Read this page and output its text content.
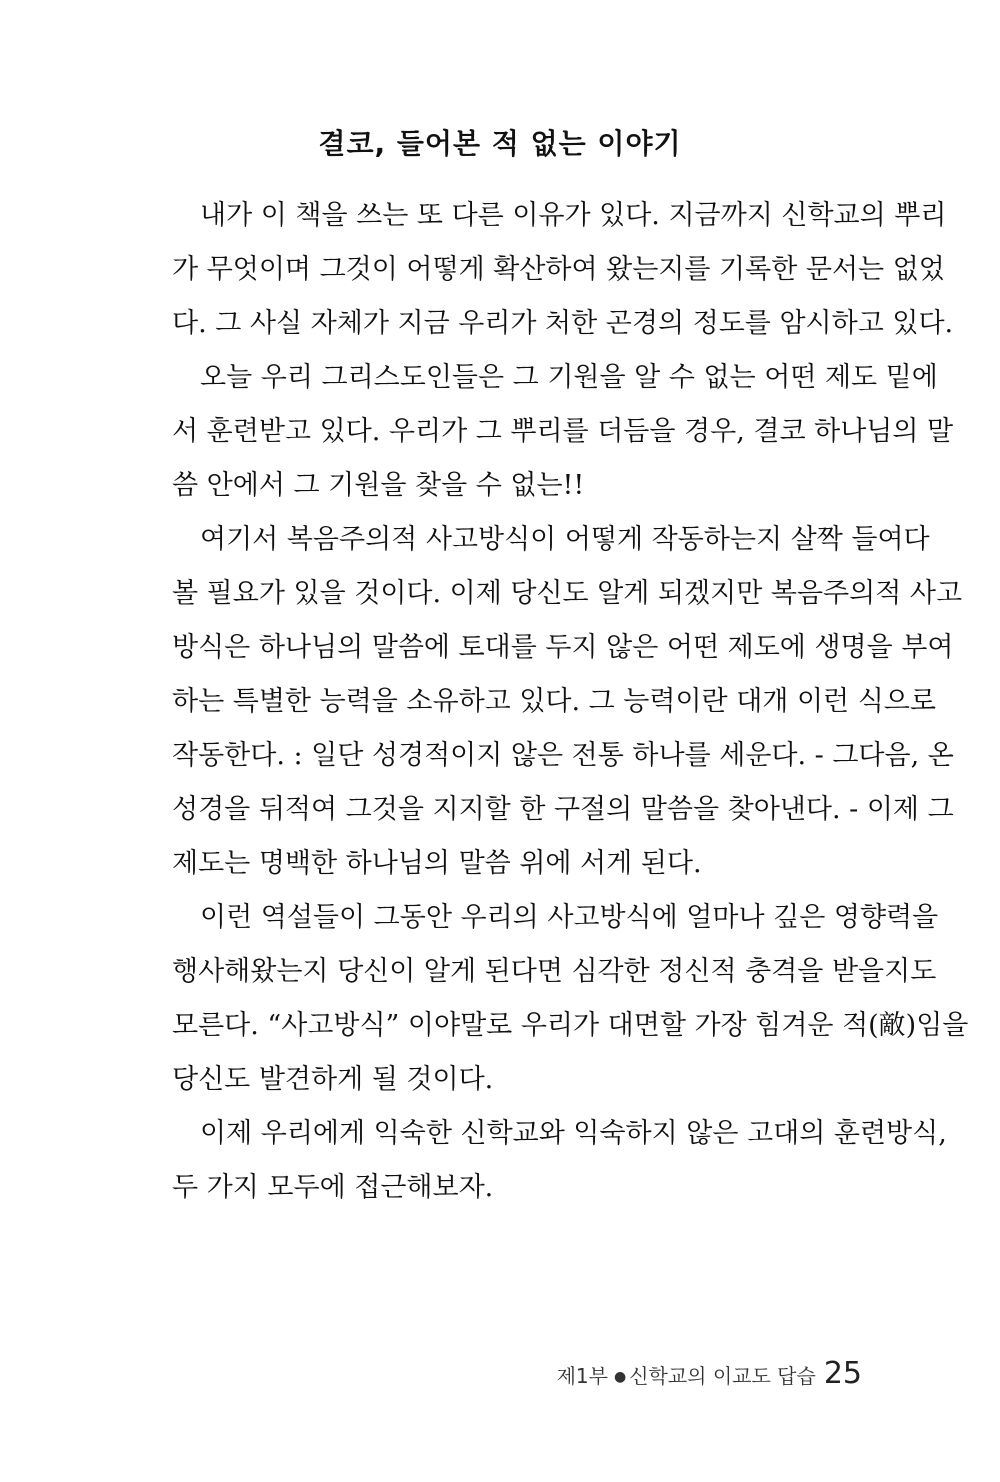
결코, 들어본 적 없는 이야기
내가 이 책을 쓰는 또 다른 이유가 있다. 지금까지 신학교의 뿌리
가 무엇이며 그것이 어떻게 확산하여 왔는지를 기록한 문서는 없었
다. 그 사실 자체가 지금 우리가 처한 곤경의 정도를 암시하고 있다.
오늘 우리 그리스도인들은 그 기원을 알 수 없는 어떤 제도 밑에
서 훈련받고 있다. 우리가 그 뿌리를 더듬을 경우, 결코 하나님의 말
씀 안에서 그 기원을 찾을 수 없는!!
여기서 복음주의적 사고방식이 어떻게 작동하는지 살짝 들여다
볼 필요가 있을 것이다. 이제 당신도 알게 되겠지만 복음주의적 사고
방식은 하나님의 말씀에 토대를 두지 않은 어떤 제도에 생명을 부여
하는 특별한 능력을 소유하고 있다. 그 능력이란 대개 이런 식으로
작동한다. : 일단 성경적이지 않은 전통 하나를 세운다. - 그다음, 온
성경을 뒤적여 그것을 지지할 한 구절의 말씀을 찾아낸다. - 이제 그
제도는 명백한 하나님의 말씀 위에 서게 된다.
이런 역설들이 그동안 우리의 사고방식에 얼마나 깊은 영향력을
행사해왔는지 당신이 알게 된다면 심각한 정신적 충격을 받을지도
모른다. “사고방식” 이야말로 우리가 대면할 가장 힘겨운 적(敵)임을
당신도 발견하게 될 것이다.
이제 우리에게 익숙한 신학교와 익숙하지 않은 고대의 훈련방식,
두 가지 모두에 접근해보자.
제1부 ● 신학교의 이교도 답습 25
